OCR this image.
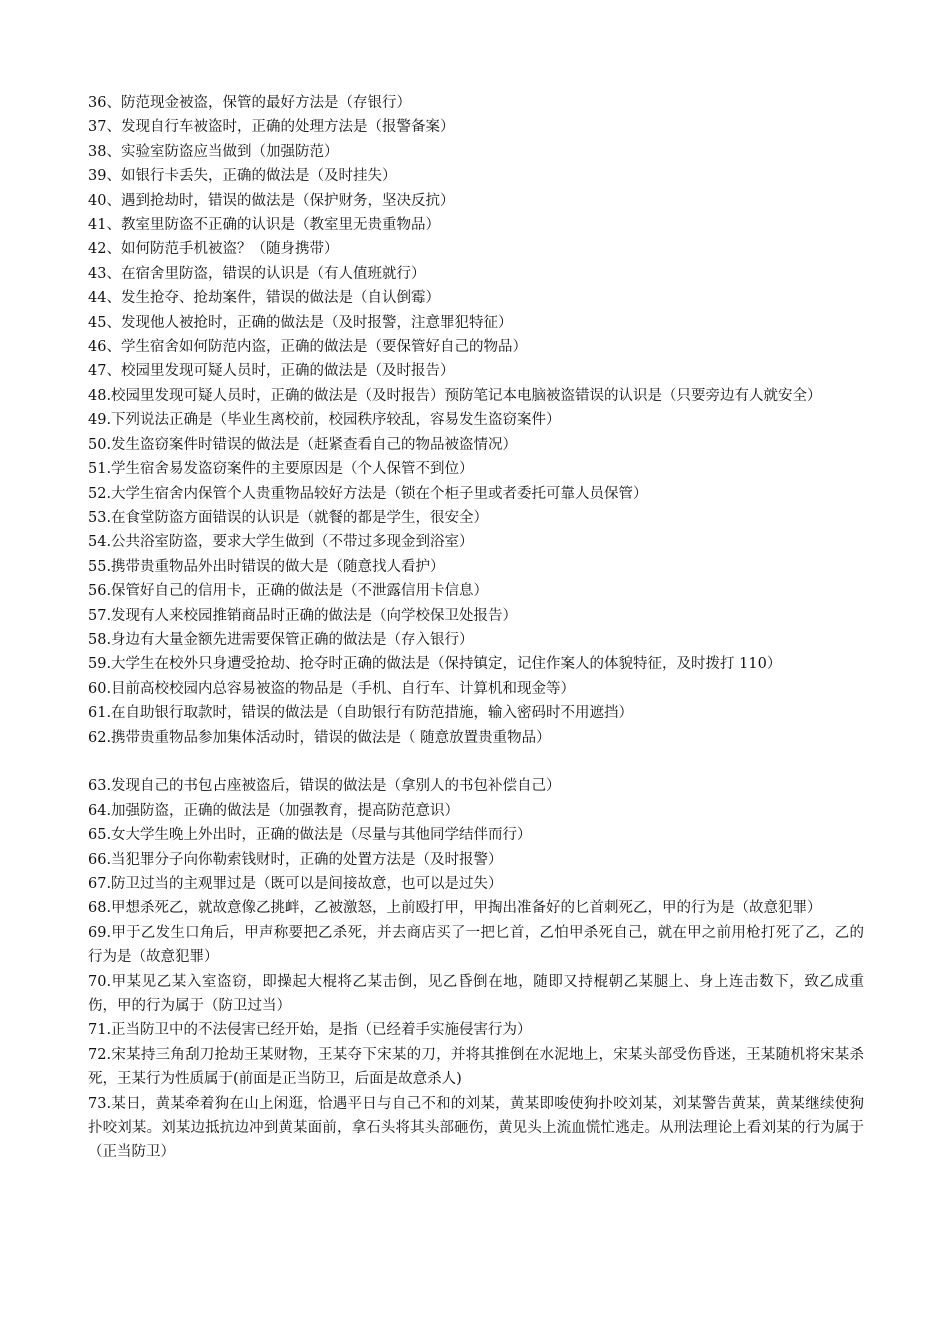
36、防范现金被盗，保管的最好方法是（存银行）

37、发现自行车被盗时，正确的处理方法是（报警备案）

38、实验室防盗应当做到（加强防范）

39、如银行卡丢失，正确的做法是（及时挂失）

40、遇到抢劫时，错误的做法是（保护财务，坚决反抗）

41、教室里防盗不正确的认识是（教室里无贵重物品）

42、如何防范手机被盗？（随身携带）

43、在宿舍里防盗，错误的认识是（有人值班就行）

44、发生抢夺、抢劫案件，错误的做法是（自认倒霉）

45、发现他人被抢时，正确的做法是（及时报警，注意罪犯特征）

46、学生宿舍如何防范内盗，正确的做法是（要保管好自己的物品）

47、校园里发现可疑人员时，正确的做法是（及时报告）

48.校园里发现可疑人员时，正确的做法是（及时报告）预防笔记本电脑被盗错误的认识是（只要旁边有人就安全）

49.下列说法正确是（毕业生离校前，校园秩序较乱，容易发生盗窃案件）

50.发生盗窃案件时错误的做法是（赶紧查看自己的物品被盗情况）

51.学生宿舍易发盗窃案件的主要原因是（个人保管不到位）

52.大学生宿舍内保管个人贵重物品较好方法是（锁在个柜子里或者委托可靠人员保管）

53.在食堂防盗方面错误的认识是（就餐的都是学生，很安全）

54.公共浴室防盗，要求大学生做到（不带过多现金到浴室）

55.携带贵重物品外出时错误的做大是（随意找人看护）

56.保管好自己的信用卡，正确的做法是（不泄露信用卡信息）

57.发现有人来校园推销商品时正确的做法是（向学校保卫处报告）

58.身边有大量金额先进需要保管正确的做法是（存入银行）

59.大学生在校外只身遭受抢劫、抢夺时正确的做法是（保持镇定，记住作案人的体貌特征，及时拨打 110）

60.目前高校校园内总容易被盗的物品是（手机、自行车、计算机和现金等）

61.在自助银行取款时，错误的做法是（自助银行有防范措施，输入密码时不用遮挡）

62.携带贵重物品参加集体活动时，错误的做法是（ 随意放置贵重物品）

63.发现自己的书包占座被盗后，错误的做法是（拿别人的书包补偿自己）

64.加强防盗，正确的做法是（加强教育，提高防范意识）

65.女大学生晚上外出时，正确的做法是（尽量与其他同学结伴而行）

66.当犯罪分子向你勒索钱财时，正确的处置方法是（及时报警）

67.防卫过当的主观罪过是（既可以是间接故意，也可以是过失）

68.甲想杀死乙，就故意像乙挑衅，乙被激怒，上前殴打甲，甲掏出准备好的匕首刺死乙，甲的行为是（故意犯罪）

69.甲于乙发生口角后，甲声称要把乙杀死，并去商店买了一把匕首，乙怕甲杀死自己，就在甲之前用枪打死了乙，乙的行为是（故意犯罪）

70.甲某见乙某入室盗窃，即操起大棍将乙某击倒，见乙昏倒在地，随即又持棍朝乙某腿上、身上连击数下，致乙成重伤，甲的行为属于（防卫过当）

71.正当防卫中的不法侵害已经开始，是指（已经着手实施侵害行为）

72.宋某持三角刮刀抢劫王某财物，王某夺下宋某的刀，并将其推倒在水泥地上，宋某头部受伤昏迷，王某随机将宋某杀死，王某行为性质属于(前面是正当防卫，后面是故意杀人)

73.某日，黄某牵着狗在山上闲逛，恰遇平日与自己不和的刘某，黄某即唆使狗扑咬刘某，刘某警告黄某，黄某继续使狗扑咬刘某。刘某边抵抗边冲到黄某面前，拿石头将其头部砸伤，黄见头上流血慌忙逃走。从刑法理论上看刘某的行为属于（正当防卫）
